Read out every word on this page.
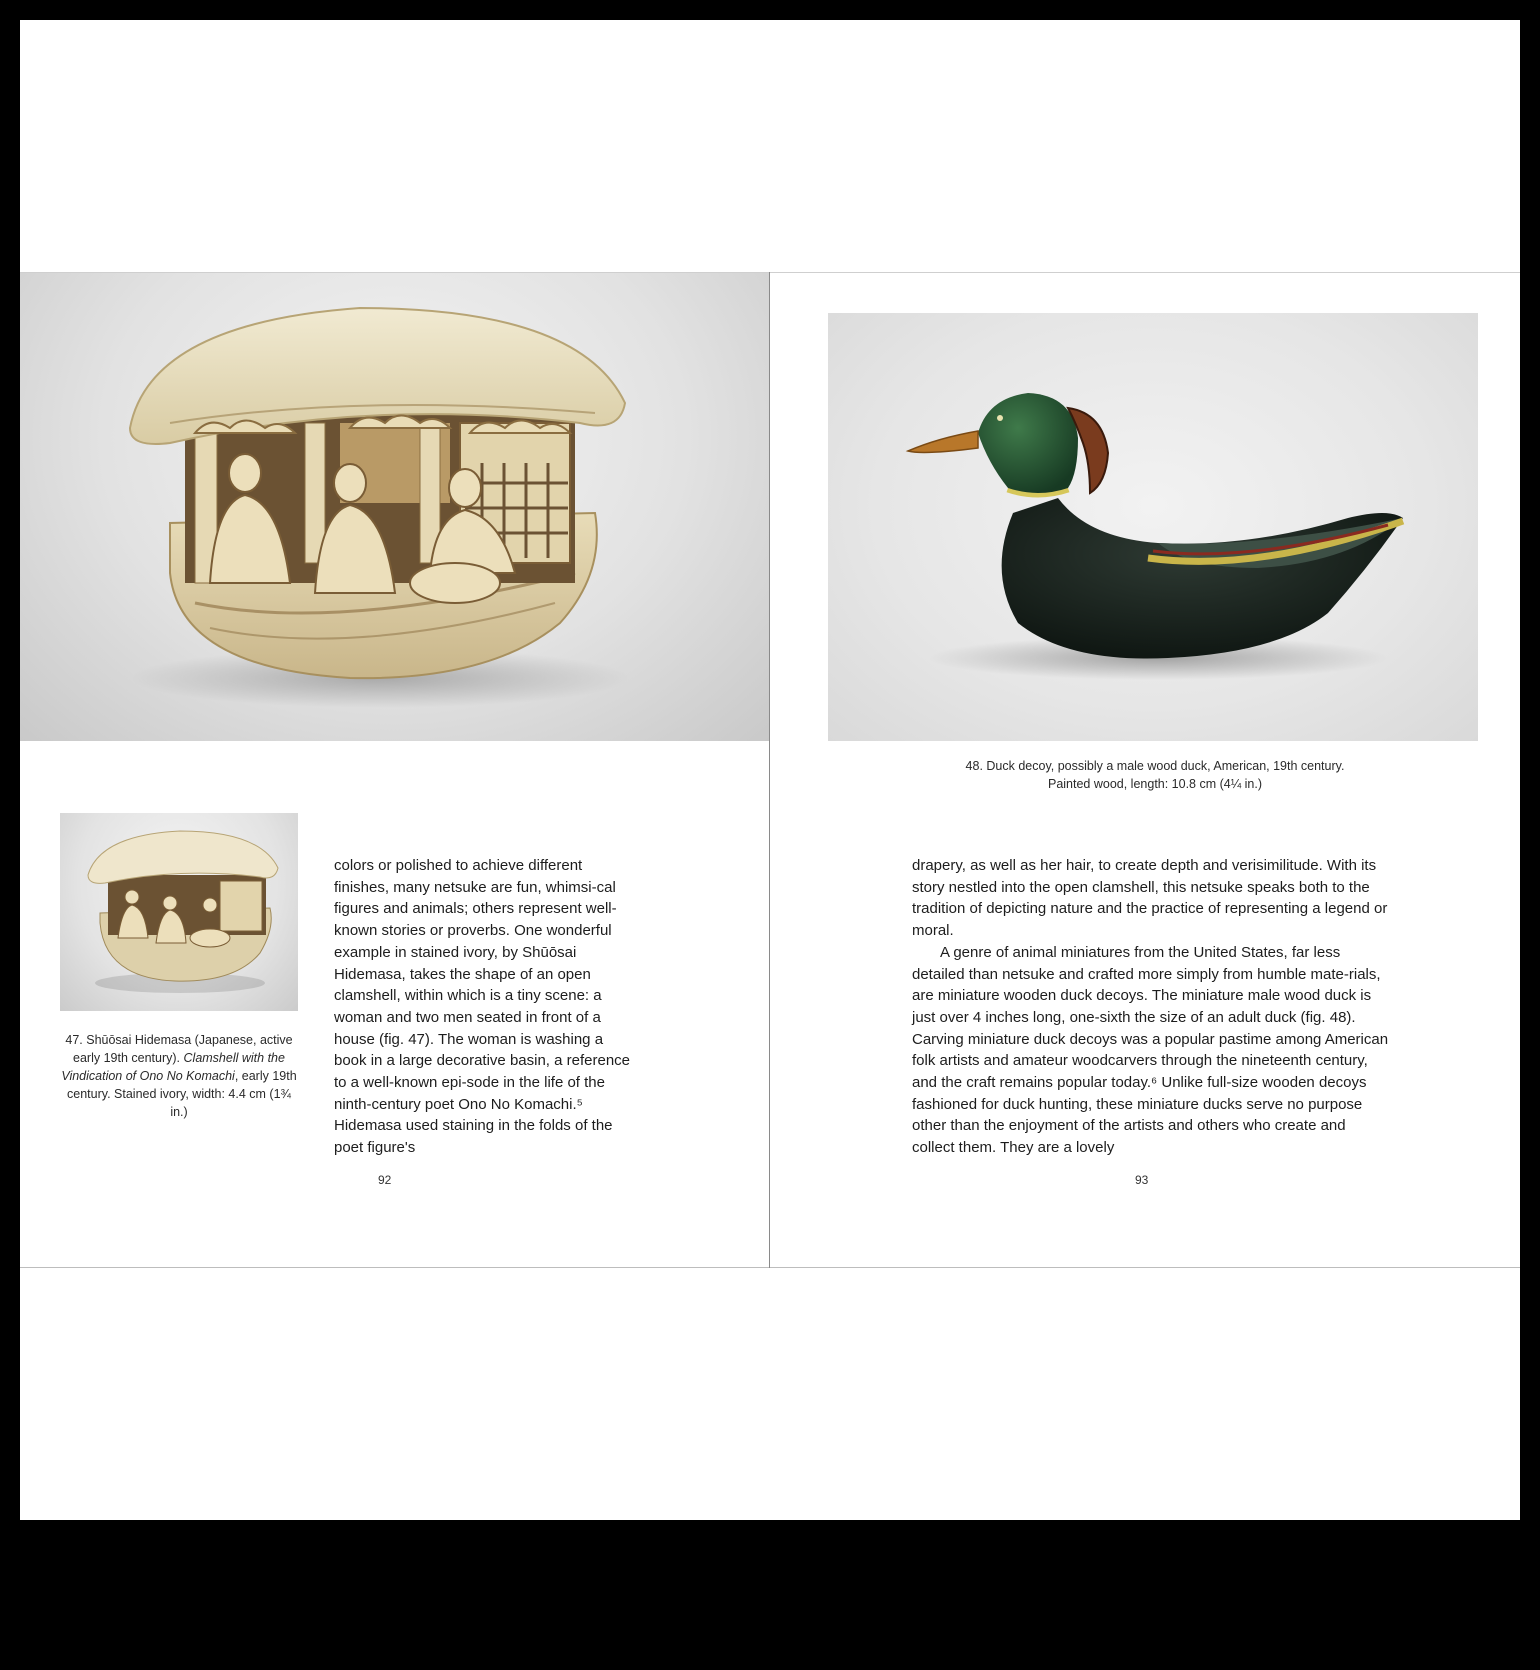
47. Shūōsai Hidemasa (Japanese, active early 19th century). Clamshell with the Vindication of Ono No Komachi, early 19th century. Stained ivory, width: 4.4 cm (1¾ in.)

colors or polished to achieve different finishes, many netsuke are fun, whimsi-cal figures and animals; others represent well-known stories or proverbs. One wonderful example in stained ivory, by Shūōsai Hidemasa, takes the shape of an open clamshell, within which is a tiny scene: a woman and two men seated in front of a house (fig. 47). The woman is washing a book in a large decorative basin, a reference to a well-known epi-sode in the life of the ninth-century poet Ono No Komachi.⁵ Hidemasa used staining in the folds of the poet figure's

92
48. Duck decoy, possibly a male wood duck, American, 19th century.
Painted wood, length: 10.8 cm (4¼ in.)

drapery, as well as her hair, to create depth and verisimilitude. With its story nestled into the open clamshell, this netsuke speaks both to the tradition of depicting nature and the practice of representing a legend or moral.

A genre of animal miniatures from the United States, far less detailed than netsuke and crafted more simply from humble mate-rials, are miniature wooden duck decoys. The miniature male wood duck is just over 4 inches long, one-sixth the size of an adult duck (fig. 48). Carving miniature duck decoys was a popular pastime among American folk artists and amateur woodcarvers through the nineteenth century, and the craft remains popular today.⁶ Unlike full-size wooden decoys fashioned for duck hunting, these miniature ducks serve no purpose other than the enjoyment of the artists and others who create and collect them. They are a lovely

93
